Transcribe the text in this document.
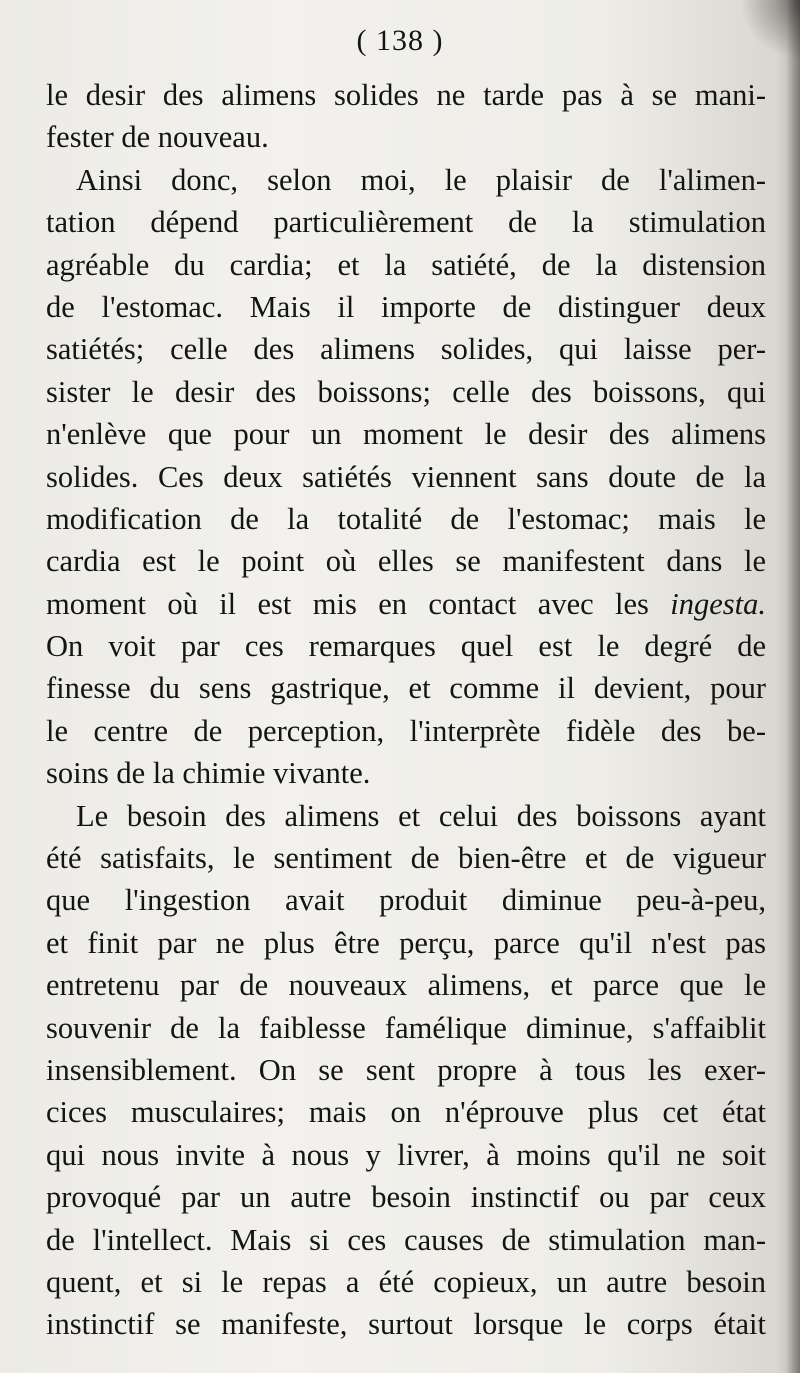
( 138 )
le desir des alimens solides ne tarde pas à se mani-
fester de nouveau.
Ainsi donc, selon moi, le plaisir de l'alimen-
tation dépend particulièrement de la stimulation
agréable du cardia; et la satiété, de la distension
de l'estomac. Mais il importe de distinguer deux
satiétés; celle des alimens solides, qui laisse per-
sister le desir des boissons; celle des boissons, qui
n'enlève que pour un moment le desir des alimens
solides. Ces deux satiétés viennent sans doute de la
modification de la totalité de l'estomac; mais le
cardia est le point où elles se manifestent dans le
moment où il est mis en contact avec les ingesta.
On voit par ces remarques quel est le degré de
finesse du sens gastrique, et comme il devient, pour
le centre de perception, l'interprète fidèle des be-
soins de la chimie vivante.
Le besoin des alimens et celui des boissons ayant
été satisfaits, le sentiment de bien-être et de vigueur
que l'ingestion avait produit diminue peu-à-peu,
et finit par ne plus être perçu, parce qu'il n'est pas
entretenu par de nouveaux alimens, et parce que le
souvenir de la faiblesse famélique diminue, s'affaiblit
insensiblement. On se sent propre à tous les exer-
cices musculaires; mais on n'éprouve plus cet état
qui nous invite à nous y livrer, à moins qu'il ne soit
provoqué par un autre besoin instinctif ou par ceux
de l'intellect. Mais si ces causes de stimulation man-
quent, et si le repas a été copieux, un autre besoin
instinctif se manifeste, surtout lorsque le corps était
